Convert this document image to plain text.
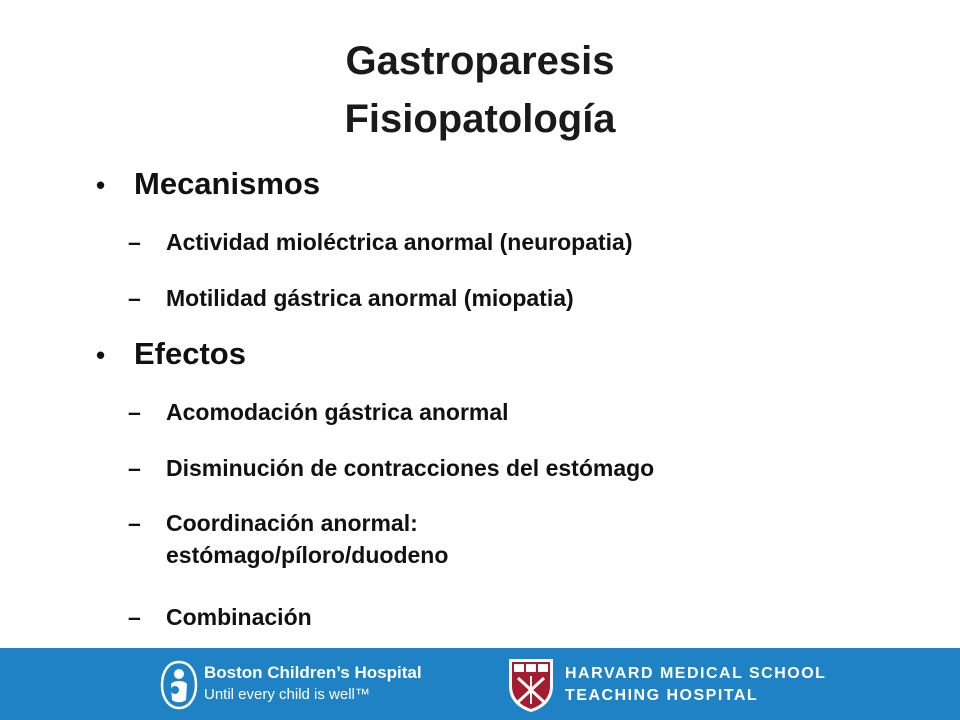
Gastroparesis
Fisiopatología
• Mecanismos
–	Actividad mioléctrica anormal (neuropatia)
–	Motilidad gástrica anormal (miopatia)
• Efectos
–	Acomodación gástrica anormal
–	Disminución de contracciones del estómago
–	Coordinación anormal: estómago/píloro/duodeno
–	Combinación
Boston Children’s Hospital
Until every child is well™
HARVARD MEDICAL SCHOOL
TEACHING HOSPITAL
